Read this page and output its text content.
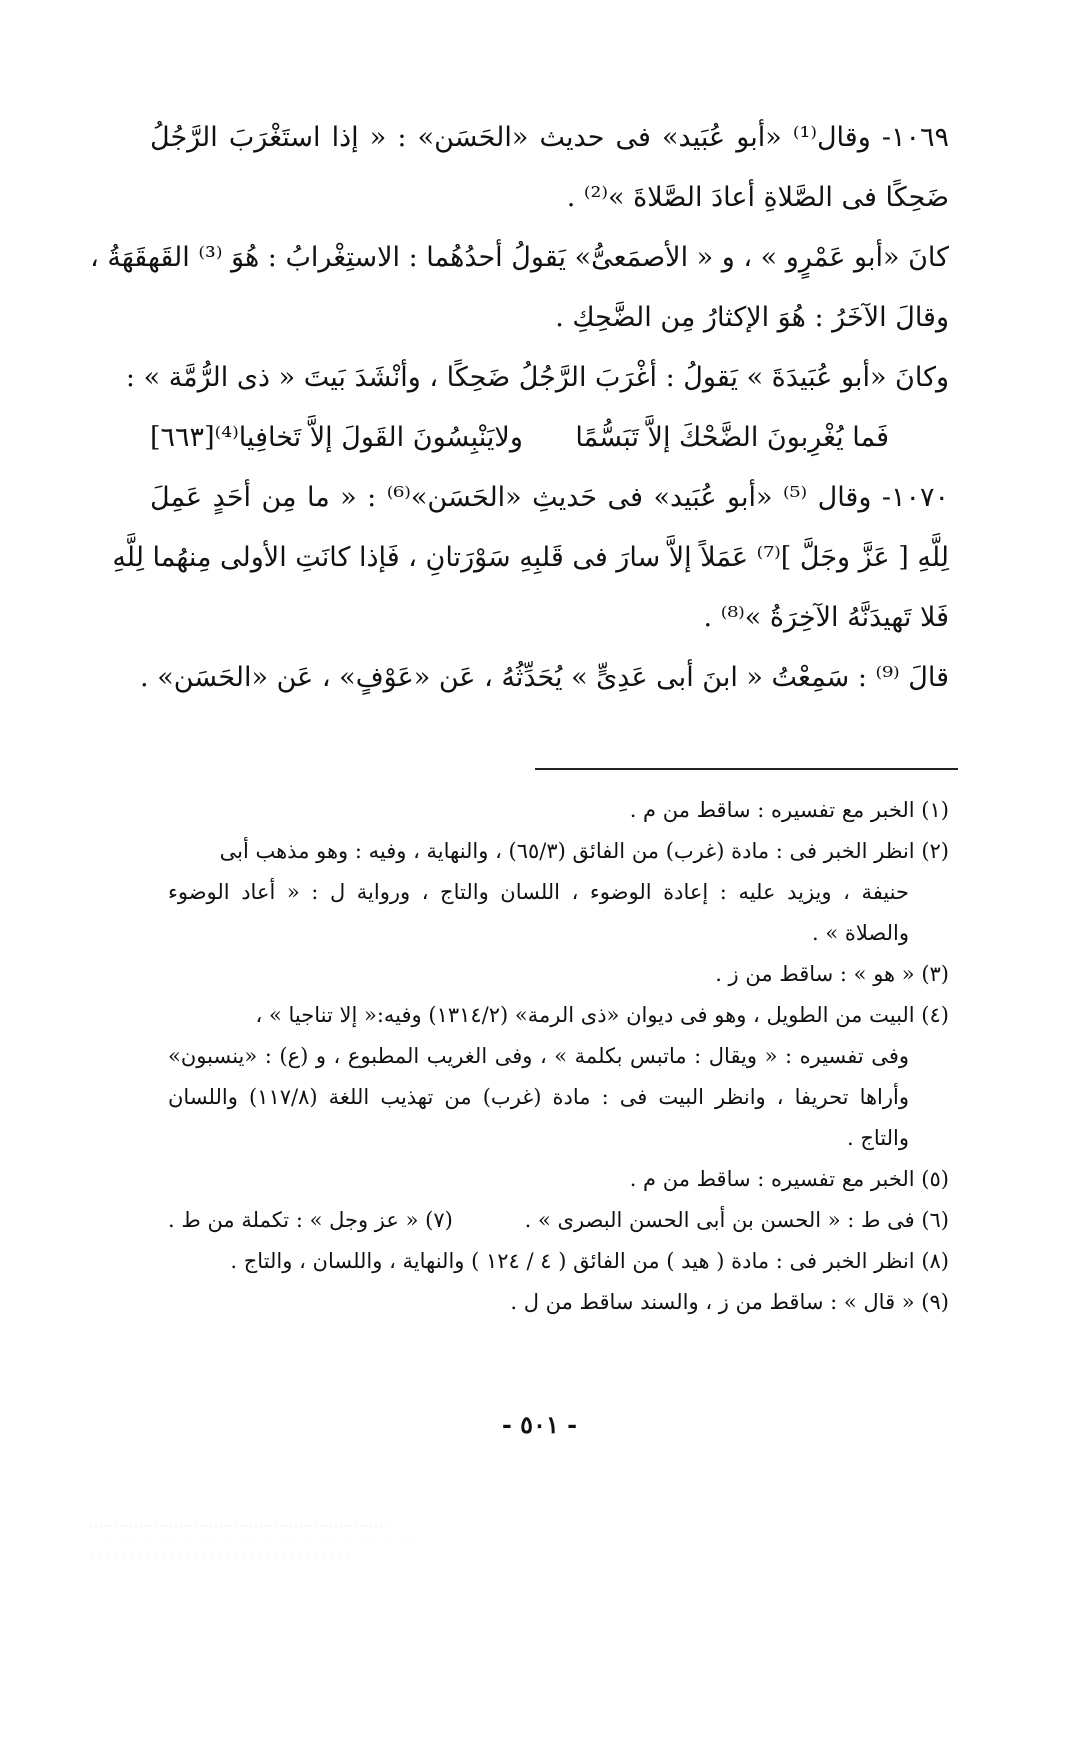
١٠٦٩- وقال⁽¹⁾ «أبو عُبَيد» فى حديث «الحَسَن» : « إذا استَغْرَبَ الرَّجُلُ
ضَحِكًا فى الصَّلاةِ أعادَ الصَّلاةَ »⁽²⁾ .
كانَ «أبو عَمْرٍو » ، و « الأصمَعىُّ» يَقولُ أحدُهُما : الاستِغْرابُ : هُوَ ⁽³⁾ القَهقَهَةُ ،
وقالَ الآخَرُ : هُوَ الإكثارُ مِن الضَّحِكِ .
وكانَ «أبو عُبَيدَةَ » يَقولُ : أغْرَبَ الرَّجُلُ ضَحِكًا ، وأنْشَدَ بَيتَ « ذى الرُّمَّة » :
فَما يُغْرِبونَ الضَّحْكَ إلاَّ تَبَسُّمًا
ولايَنْبِسُونَ القَولَ إلاَّ تَخافِيا⁽⁴⁾[٦٦٣]
١٠٧٠- وقال ⁽⁵⁾ «أبو عُبَيد» فى حَديثِ «الحَسَن»⁽⁶⁾ : « ما مِن أحَدٍ عَمِلَ
لِلَّهِ [ عَزَّ وجَلَّ ]⁽⁷⁾ عَمَلاً إلاَّ سارَ فى قَلبِهِ سَوْرَتانِ ، فَإذا كانَتِ الأولى مِنهُما لِلَّهِ
فَلا تَهيدَنَّهُ الآخِرَةُ »⁽⁸⁾ .
قالَ ⁽⁹⁾ : سَمِعْتُ « ابنَ أبى عَدِىٍّ » يُحَدِّثُهُ ، عَن «عَوْفٍ» ، عَن «الحَسَن» .
(١) الخبر مع تفسيره : ساقط من م .
(٢) انظر الخبر فى : مادة (غرب) من الفائق (٦٥/٣) ، والنهاية ، وفيه : وهو مذهب أبى
حنيفة ، ويزيد عليه : إعادة الوضوء ، اللسان والتاج ، ورواية ل : « أعاد الوضوء
والصلاة » .
(٣) « هو » : ساقط من ز .
(٤) البيت من الطويل ، وهو فى ديوان «ذى الرمة» (١٣١٤/٢) وفيه:« إلا تناجيا » ،
وفى تفسيره : « ويقال : ماتبس بكلمة » ، وفى الغريب المطبوع ، و (ع) : «ينسبون»
وأراها تحريفا ، وانظر البيت فى : مادة (غرب) من تهذيب اللغة (١١٧/٨) واللسان
والتاج .
(٥) الخبر مع تفسيره : ساقط من م .
(٦) فى ط : « الحسن بن أبى الحسن البصرى » .
(٧) « عز وجل » : تكملة من ط .
(٨) انظر الخبر فى : مادة ( هيد ) من الفائق ( ٤ / ١٢٤ ) والنهاية ، واللسان ، والتاج .
(٩) « قال » : ساقط من ز ، والسند ساقط من ل .
- ٥٠١ -
